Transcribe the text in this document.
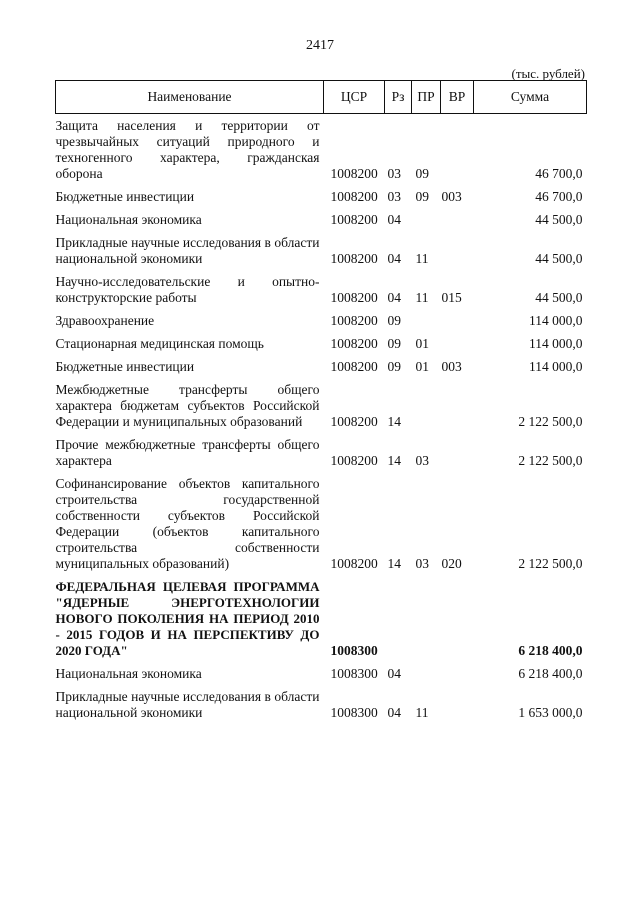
2417
(тыс. рублей)
Наименование	ЦСР	Рз	ПР	ВР	Сумма
Защита населения и территории от чрезвычайных ситуаций природного и техногенного характера, гражданская оборона	1008200	03	09		46 700,0
Бюджетные инвестиции	1008200	03	09	003	46 700,0
Национальная экономика	1008200	04			44 500,0
Прикладные научные исследования в области национальной экономики	1008200	04	11		44 500,0
Научно-исследовательские и опытно-конструкторские работы	1008200	04	11	015	44 500,0
Здравоохранение	1008200	09			114 000,0
Стационарная медицинская помощь	1008200	09	01		114 000,0
Бюджетные инвестиции	1008200	09	01	003	114 000,0
Межбюджетные трансферты общего характера бюджетам субъектов Российской Федерации и муниципальных образований	1008200	14			2 122 500,0
Прочие межбюджетные трансферты общего характера	1008200	14	03		2 122 500,0
Софинансирование объектов капитального строительства государственной собственности субъектов Российской Федерации (объектов капитального строительства собственности муниципальных образований)	1008200	14	03	020	2 122 500,0
ФЕДЕРАЛЬНАЯ ЦЕЛЕВАЯ ПРОГРАММА "ЯДЕРНЫЕ ЭНЕРГОТЕХНОЛОГИИ НОВОГО ПОКОЛЕНИЯ НА ПЕРИОД 2010 - 2015 ГОДОВ И НА ПЕРСПЕКТИВУ ДО 2020 ГОДА"	1008300				6 218 400,0
Национальная экономика	1008300	04			6 218 400,0
Прикладные научные исследования в области национальной экономики	1008300	04	11		1 653 000,0
